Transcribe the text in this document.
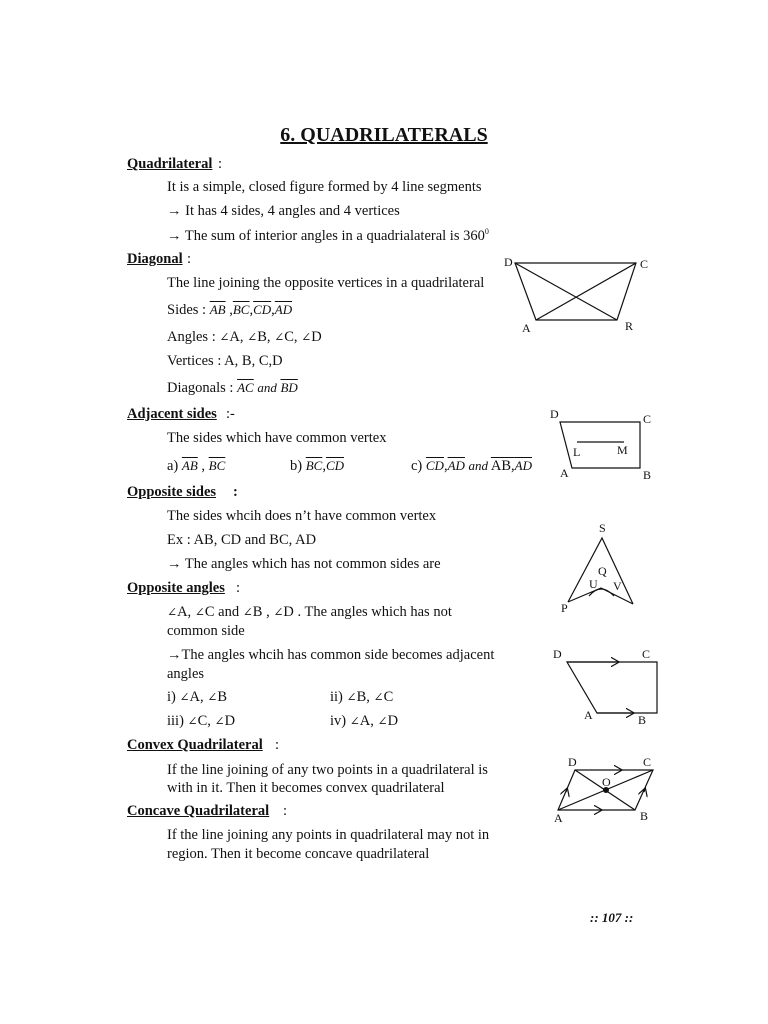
6. QUADRILATERALS
Quadrilateral :
It is a simple, closed figure formed by 4 line segments
→ It has 4 sides, 4 angles and 4 vertices
→ The sum of interior angles in a quadrialateral is $360^0$
Diagonal :
The line joining the opposite vertices in a quadrilateral
Sides : $\overline{AB}$ $,\overline{BC},\overline{CD},\overline{AD}$
Angles : ∠A, ∠B, ∠C, ∠D
Vertices : A, B, C,D
Diagonals : $\overline{AC}$ and $\overline{BD}$
Adjacent sides :-
The sides which have common vertex
a) $\overline{AB}$ , $\overline{BC}$	b) $\overline{BC},\overline{CD}$	c) $\overline{CD},\overline{AD}$ and $AB,\overline{AD}$
Opposite sides :
The sides whcih does n’t have common vertex
Ex : AB, CD and BC, AD
→ The angles which has not common sides are
Opposite angles :
∠A, ∠C and ∠B , ∠D . The angles which has not
common side
→The angles whcih has common side becomes adjacent
angles
i) ∠A, ∠B	ii) ∠B, ∠C
iii) ∠C, ∠D	iv) ∠A, ∠D
Convex Quadrilateral :
If the line joining of any two points in a quadrilateral is
with in it. Then it becomes convex quadrilateral
Concave Quadrilateral :
If the line joining any points in quadrilateral may not in
region. Then it become concave quadrilateral
D	C
A	R
D	C
L	M
A	B
S
Q
U V
P
D	C
A	B
D	C
O
A	B
:: 107 ::
